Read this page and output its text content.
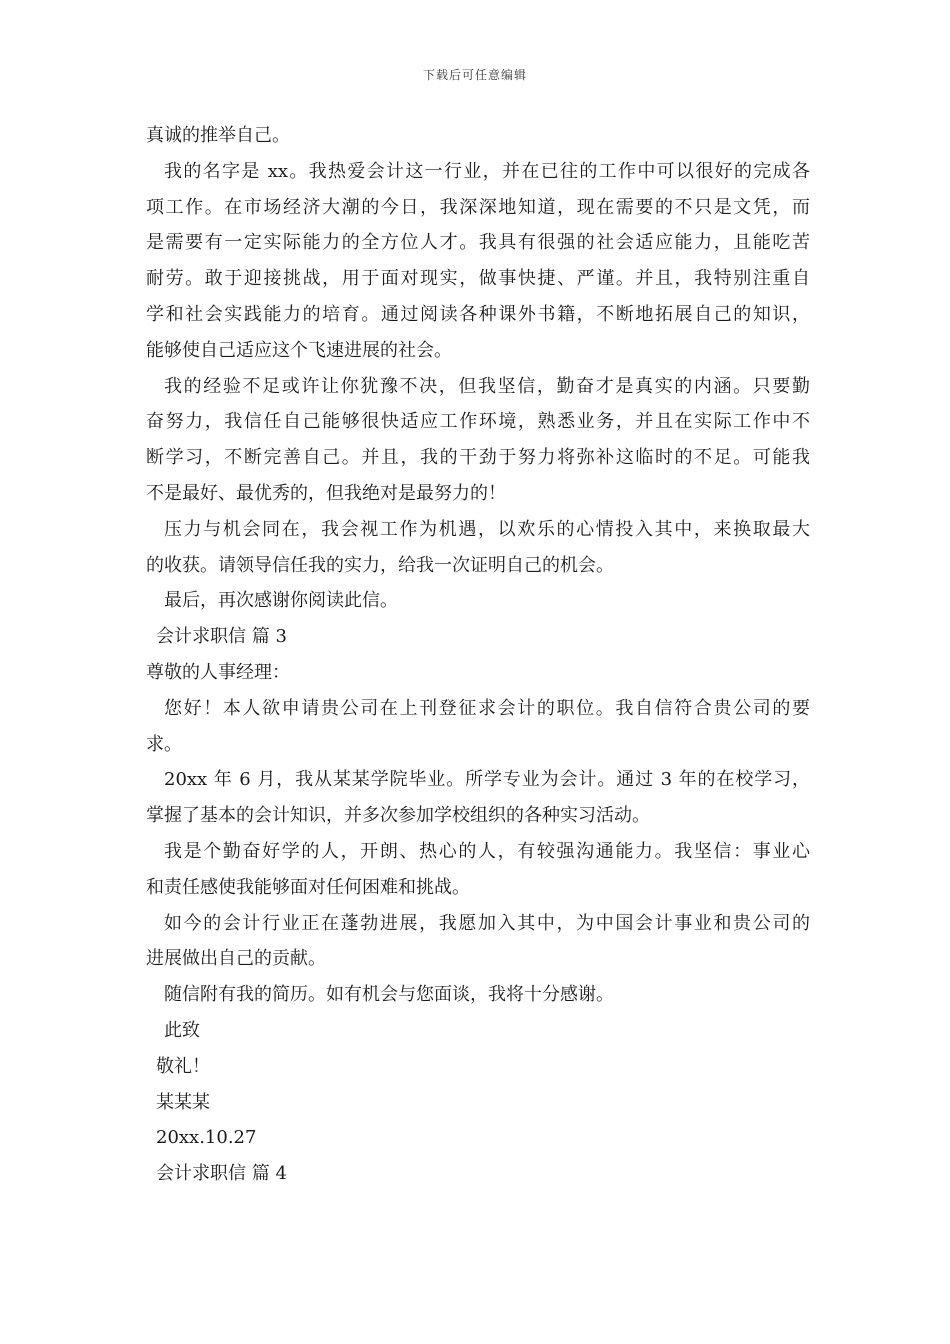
下载后可任意编辑
真诚的推举自己。
我的名字是 xx。我热爱会计这一行业，并在已往的工作中可以很好的完成各
项工作。在市场经济大潮的今日，我深深地知道，现在需要的不只是文凭，而
是需要有一定实际能力的全方位人才。我具有很强的社会适应能力，且能吃苦
耐劳。敢于迎接挑战，用于面对现实，做事快捷、严谨。并且，我特别注重自
学和社会实践能力的培育。通过阅读各种课外书籍，不断地拓展自己的知识，
能够使自己适应这个飞速进展的社会。
我的经验不足或许让你犹豫不决，但我坚信，勤奋才是真实的内涵。只要勤
奋努力，我信任自己能够很快适应工作环境，熟悉业务，并且在实际工作中不
断学习，不断完善自己。并且，我的干劲于努力将弥补这临时的不足。可能我
不是最好、最优秀的，但我绝对是最努力的！
压力与机会同在，我会视工作为机遇，以欢乐的心情投入其中，来换取最大
的收获。请领导信任我的实力，给我一次证明自己的机会。
最后，再次感谢你阅读此信。
会计求职信 篇 3
尊敬的人事经理：
您好！本人欲申请贵公司在上刊登征求会计的职位。我自信符合贵公司的要
求。
20xx 年 6 月，我从某某学院毕业。所学专业为会计。通过 3 年的在校学习，
掌握了基本的会计知识，并多次参加学校组织的各种实习活动。
我是个勤奋好学的人，开朗、热心的人，有较强沟通能力。我坚信：事业心
和责任感使我能够面对任何困难和挑战。
如今的会计行业正在蓬勃进展，我愿加入其中，为中国会计事业和贵公司的
进展做出自己的贡献。
随信附有我的简历。如有机会与您面谈，我将十分感谢。
此致
敬礼！
某某某
20xx.10.27
会计求职信 篇 4
